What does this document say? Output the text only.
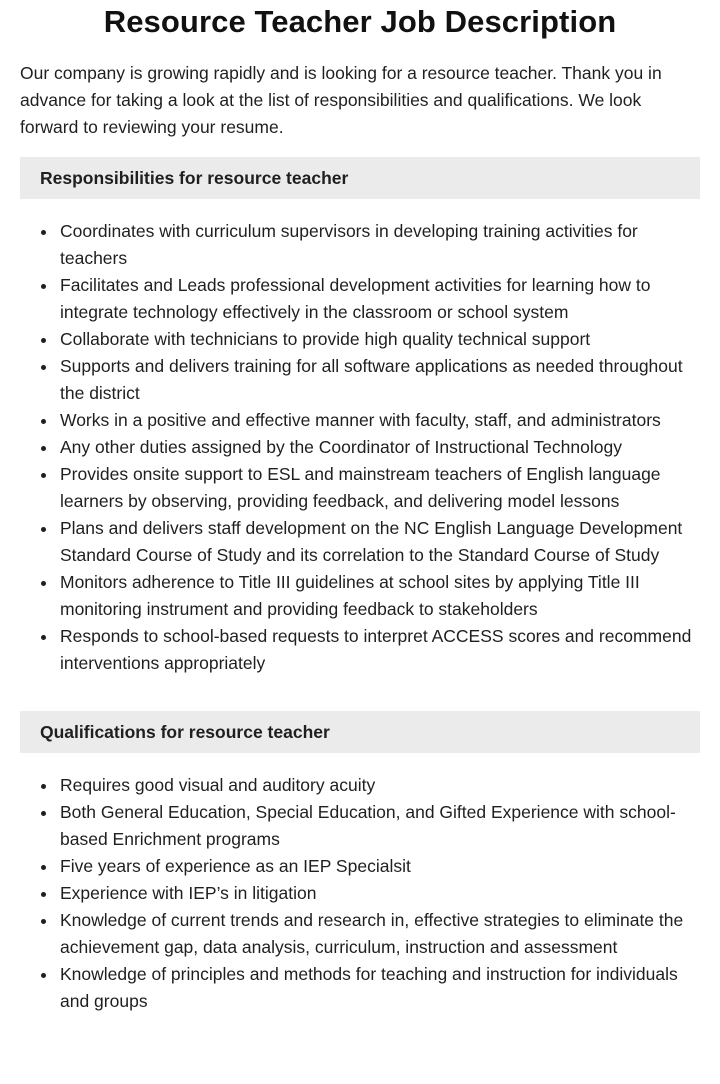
Resource Teacher Job Description

Our company is growing rapidly and is looking for a resource teacher. Thank you in advance for taking a look at the list of responsibilities and qualifications. We look forward to reviewing your resume.

Responsibilities for resource teacher
Coordinates with curriculum supervisors in developing training activities for teachers
Facilitates and Leads professional development activities for learning how to integrate technology effectively in the classroom or school system
Collaborate with technicians to provide high quality technical support
Supports and delivers training for all software applications as needed throughout the district
Works in a positive and effective manner with faculty, staff, and administrators
Any other duties assigned by the Coordinator of Instructional Technology
Provides onsite support to ESL and mainstream teachers of English language learners by observing, providing feedback, and delivering model lessons
Plans and delivers staff development on the NC English Language Development Standard Course of Study and its correlation to the Standard Course of Study
Monitors adherence to Title III guidelines at school sites by applying Title III monitoring instrument and providing feedback to stakeholders
Responds to school-based requests to interpret ACCESS scores and recommend interventions appropriately
Qualifications for resource teacher
Requires good visual and auditory acuity
Both General Education, Special Education, and Gifted Experience with school-based Enrichment programs
Five years of experience as an IEP Specialsit
Experience with IEP’s in litigation
Knowledge of current trends and research in, effective strategies to eliminate the achievement gap, data analysis, curriculum, instruction and assessment
Knowledge of principles and methods for teaching and instruction for individuals and groups
